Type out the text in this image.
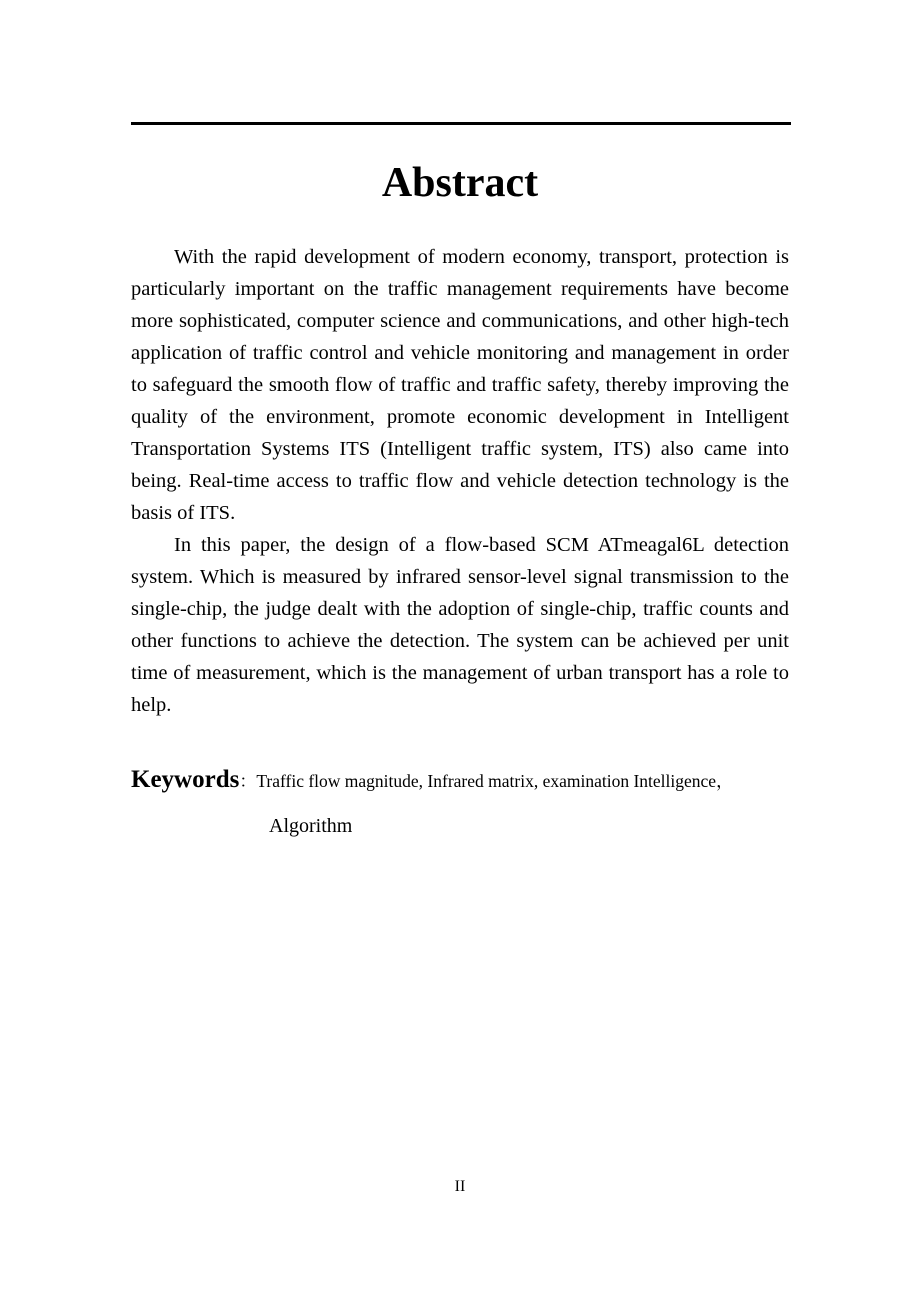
Abstract

With the rapid development of modern economy, transport, protection is particularly important on the traffic management requirements have become more sophisticated, computer science and communications, and other high-tech application of traffic control and vehicle monitoring and management in order to safeguard the smooth flow of traffic and traffic safety, thereby improving the quality of the environment, promote economic development in Intelligent Transportation Systems ITS (Intelligent traffic system, ITS) also came into being. Real-time access to traffic flow and vehicle detection technology is the basis of ITS.

In this paper, the design of a flow-based SCM ATmeagal6L detection system. Which is measured by infrared sensor-level signal transmission to the single-chip, the judge dealt with the adoption of single-chip, traffic counts and other functions to achieve the detection. The system can be achieved per unit time of measurement, which is the management of urban transport has a role to help.

Keywords：Traffic flow magnitude, Infrared matrix, examination Intelligence，
Algorithm
II
